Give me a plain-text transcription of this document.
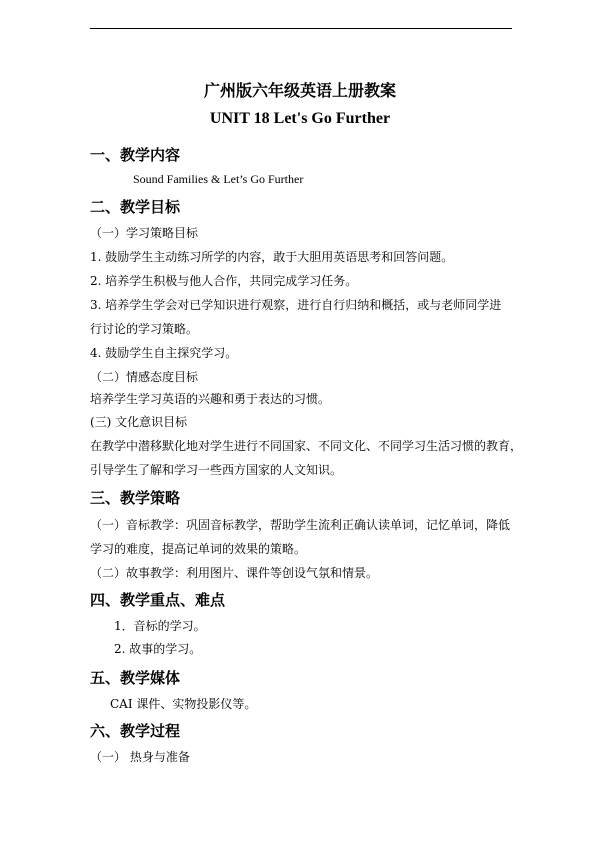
广州版六年级英语上册教案
UNIT 18 Let's Go Further
一、教学内容
Sound Families & Let’s Go Further
二、教学目标
（一）学习策略目标
1. 鼓励学生主动练习所学的内容，敢于大胆用英语思考和回答问题。
2. 培养学生积极与他人合作，共同完成学习任务。
3. 培养学生学会对已学知识进行观察，进行自行归纳和概括，或与老师同学进
行讨论的学习策略。
4. 鼓励学生自主探究学习。
（二）情感态度目标
培养学生学习英语的兴趣和勇于表达的习惯。
(三) 文化意识目标
在教学中潜移默化地对学生进行不同国家、不同文化、不同学习生活习惯的教育，
引导学生了解和学习一些西方国家的人文知识。
三、教学策略
（一）音标教学：巩固音标教学，帮助学生流利正确认读单词，记忆单词，降低
学习的难度，提高记单词的效果的策略。
（二）故事教学：利用图片、课件等创设气氛和情景。
四、教学重点、难点
1．音标的学习。
2. 故事的学习。
五、教学媒体
CAI 课件、实物投影仪等。
六、教学过程
（一） 热身与准备
